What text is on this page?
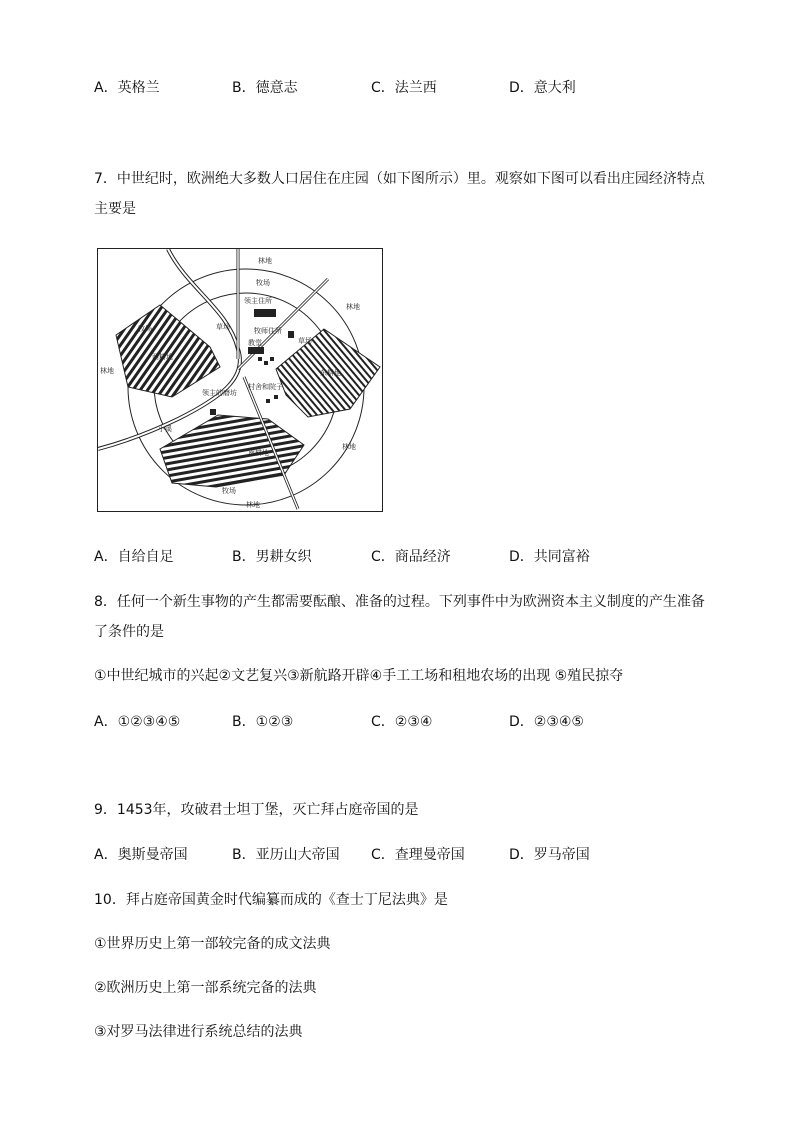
A．英格兰	B．德意志	C．法兰西	D．意大利
7．中世纪时，欧洲绝大多数人口居住在庄园（如下图所示）里。观察如下图可以看出庄园经济特点
主要是
林地
林地
林地
林地
林地
牧场
牧场
牧场
草场
草场
领主住所
牧师住所
教堂
村舍和院子
领主的磨坊
小溪
西耕地
东耕地
南耕地
A．自给自足	B．男耕女织	C．商品经济	D．共同富裕
8．任何一个新生事物的产生都需要酝酿、准备的过程。下列事件中为欧洲资本主义制度的产生准备
了条件的是
①中世纪城市的兴起②文艺复兴③新航路开辟④手工工场和租地农场的出现 ⑤殖民掠夺
A．①②③④⑤	B．①②③	C．②③④	D．②③④⑤
9．1453年，攻破君士坦丁堡，灭亡拜占庭帝国的是
A．奥斯曼帝国	B．亚历山大帝国 C．查理曼帝国	D．罗马帝国
10．拜占庭帝国黄金时代编纂而成的《查士丁尼法典》是
①世界历史上第一部较完备的成文法典
②欧洲历史上第一部系统完备的法典
③对罗马法律进行系统总结的法典
